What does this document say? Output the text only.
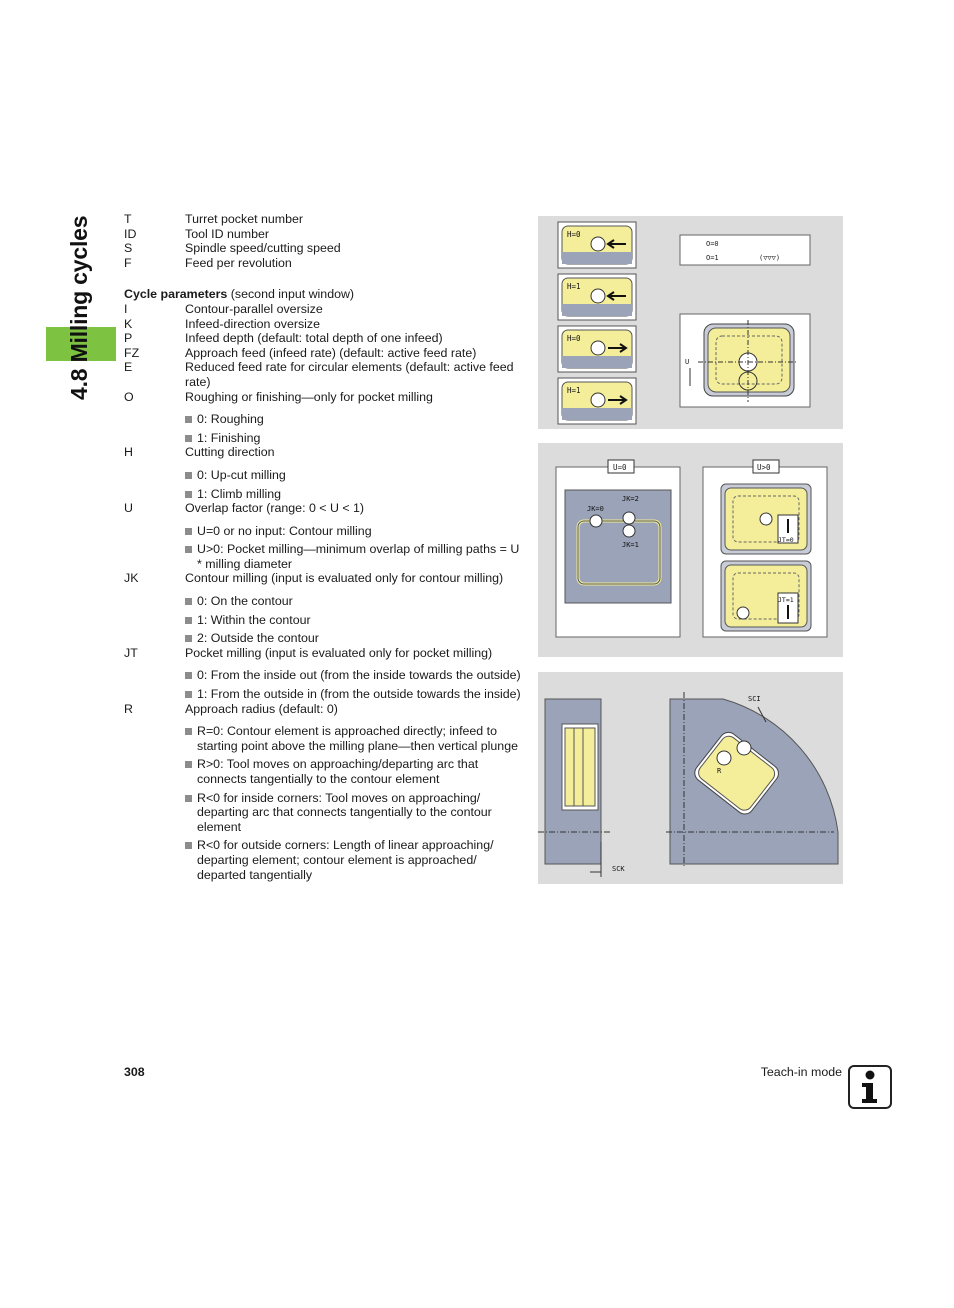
4.8 Milling cycles	T	Turret pocket number
ID	Tool ID number
S	Spindle speed/cutting speed
F	Feed per revolution
Cycle parameters (second input window)
I	Contour-parallel oversize
K	Infeed-direction oversize
P	Infeed depth (default: total depth of one infeed)
FZ	Approach feed (infeed rate) (default: active feed rate)
E	Reduced feed rate for circular elements (default: active feed rate)
O	Roughing or finishing—only for pocket milling
0: Roughing
1: Finishing
H	Cutting direction
0: Up-cut milling
1: Climb milling
U	Overlap factor (range: 0 < U < 1)
U=0 or no input: Contour milling
U>0: Pocket milling—minimum overlap of milling paths = U * milling diameter
JK	Contour milling (input is evaluated only for contour milling)
0: On the contour
1: Within the contour
2: Outside the contour
JT	Pocket milling (input is evaluated only for pocket milling)
0: From the inside out (from the inside towards the outside)
1: From the outside in (from the outside towards the inside)
R	Approach radius (default: 0)
R=0: Contour element is approached directly; infeed to starting point above the milling plane—then vertical plunge
R>0: Tool moves on approaching/departing arc that connects tangentially to the contour element
R<0 for inside corners: Tool moves on approaching/ departing arc that connects tangentially to the contour element
R<0 for outside corners: Length of linear approaching/ departing element; contour element is approached/ departed tangentially
H=0
H=1
H=0
H=1
O=0
O=1	(▽▽▽)
U
U=0
JK=2
JK=0
JK=1
U>0
JT=0
JT=1
SCK
R
SCI
308	Teach-in mode
